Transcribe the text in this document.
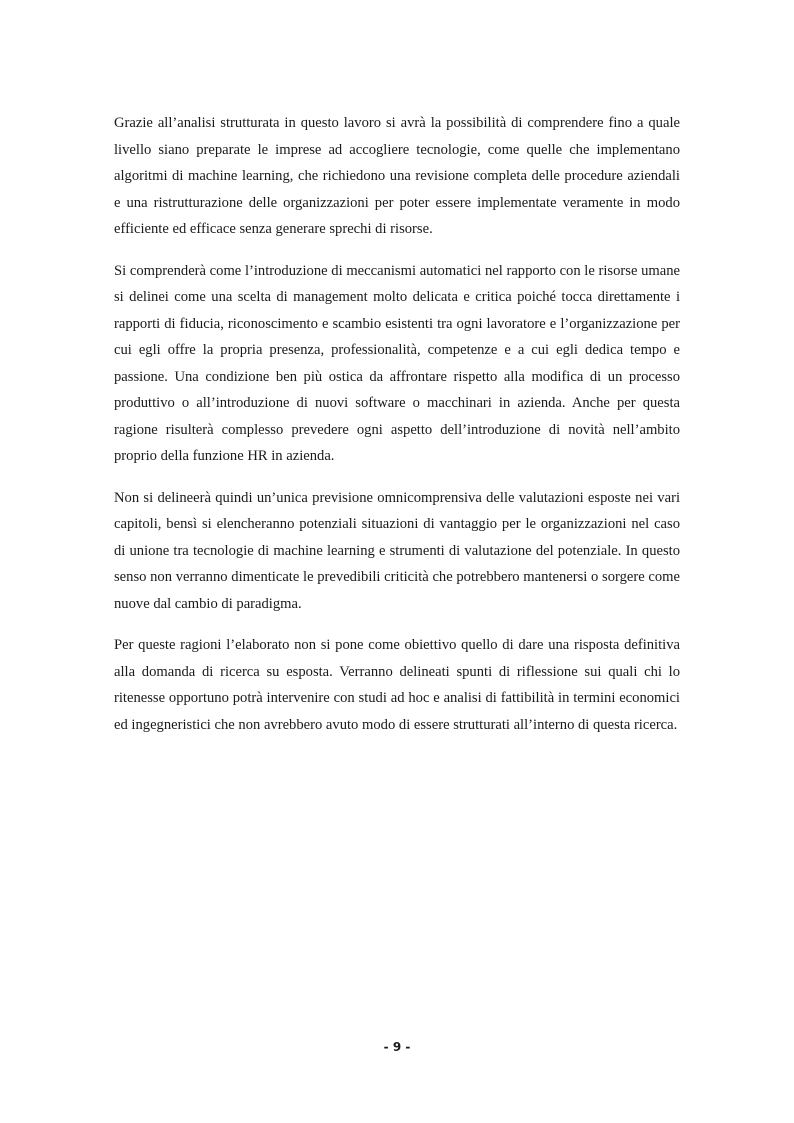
Grazie all’analisi strutturata in questo lavoro si avrà la possibilità di comprendere fino a quale livello siano preparate le imprese ad accogliere tecnologie, come quelle che implementano algoritmi di machine learning, che richiedono una revisione completa delle procedure aziendali e una ristrutturazione delle organizzazioni per poter essere implementate veramente in modo efficiente ed efficace senza generare sprechi di risorse.

Si comprenderà come l’introduzione di meccanismi automatici nel rapporto con le risorse umane si delinei come una scelta di management molto delicata e critica poiché tocca direttamente i rapporti di fiducia, riconoscimento e scambio esistenti tra ogni lavoratore e l’organizzazione per cui egli offre la propria presenza, professionalità, competenze e a cui egli dedica tempo e passione. Una condizione ben più ostica da affrontare rispetto alla modifica di un processo produttivo o all’introduzione di nuovi software o macchinari in azienda. Anche per questa ragione risulterà complesso prevedere ogni aspetto dell’introduzione di novità nell’ambito proprio della funzione HR in azienda.

Non si delineerà quindi un’unica previsione omnicomprensiva delle valutazioni esposte nei vari capitoli, bensì si elencheranno potenziali situazioni di vantaggio per le organizzazioni nel caso di unione tra tecnologie di machine learning e strumenti di valutazione del potenziale. In questo senso non verranno dimenticate le prevedibili criticità che potrebbero mantenersi o sorgere come nuove dal cambio di paradigma.

Per queste ragioni l’elaborato non si pone come obiettivo quello di dare una risposta definitiva alla domanda di ricerca su esposta. Verranno delineati spunti di riflessione sui quali chi lo ritenesse opportuno potrà intervenire con studi ad hoc e analisi di fattibilità in termini economici ed ingegneristici che non avrebbero avuto modo di essere strutturati all’interno di questa ricerca.

- 9 -
